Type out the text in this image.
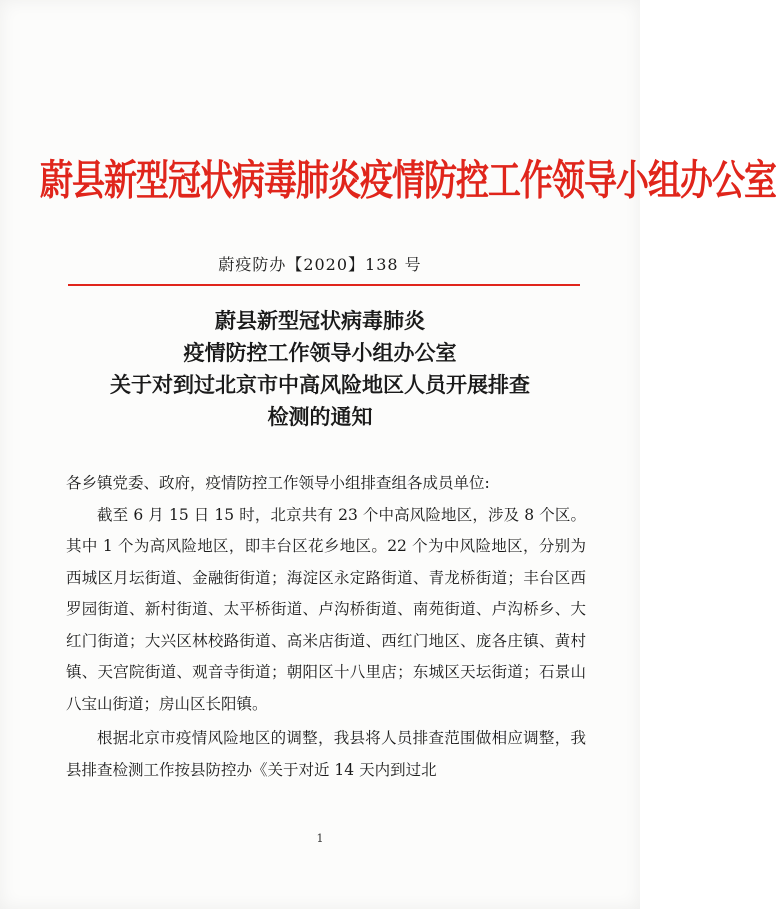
蔚县新型冠状病毒肺炎疫情防控工作领导小组办公室
蔚疫防办【2020】138 号
蔚县新型冠状病毒肺炎
疫情防控工作领导小组办公室
关于对到过北京市中高风险地区人员开展排查
检测的通知

各乡镇党委、政府，疫情防控工作领导小组排查组各成员单位:

截至 6 月 15 日 15 时，北京共有 23 个中高风险地区，涉及 8 个区。其中 1 个为高风险地区，即丰台区花乡地区。22 个为中风险地区，分别为西城区月坛街道、金融街街道；海淀区永定路街道、青龙桥街道；丰台区西罗园街道、新村街道、太平桥街道、卢沟桥街道、南苑街道、卢沟桥乡、大红门街道；大兴区林校路街道、高米店街道、西红门地区、庞各庄镇、黄村镇、天宫院街道、观音寺街道；朝阳区十八里店；东城区天坛街道；石景山八宝山街道；房山区长阳镇。

根据北京市疫情风险地区的调整，我县将人员排查范围做相应调整，我县排查检测工作按县防控办《关于对近 14 天内到过北

1
